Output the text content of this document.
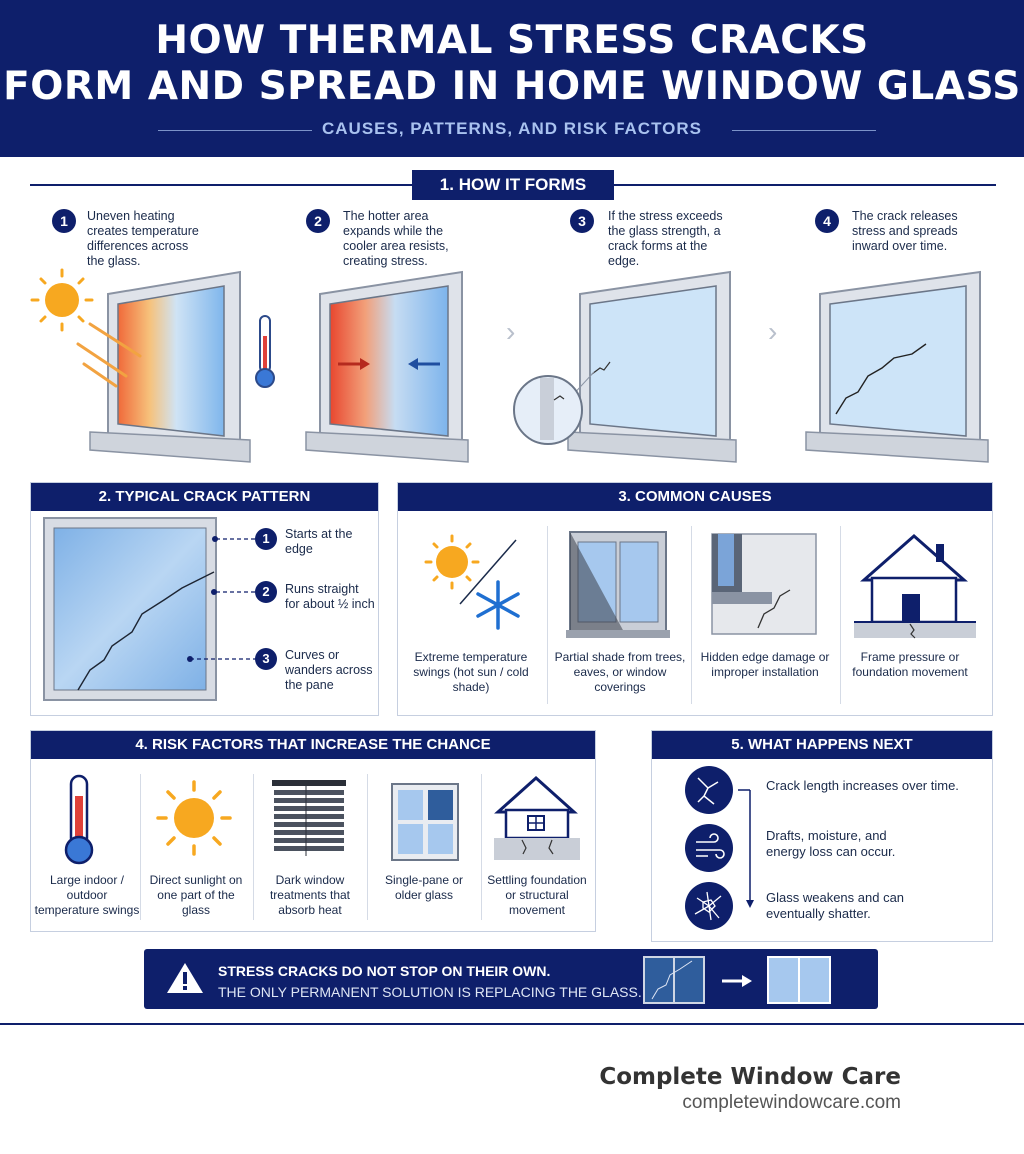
HOW THERMAL STRESS CRACKS
FORM AND SPREAD IN HOME WINDOW GLASS
CAUSES, PATTERNS, AND RISK FACTORS
1. HOW IT FORMS
1	Uneven heating creates temperature differences across the glass.
2	The hotter area expands while the cooler area resists, creating stress.
3	If the stress exceeds the glass strength, a crack forms at the edge.
4	The crack releases stress and spreads inward over time.
›	›
2. TYPICAL CRACK PATTERN
1	Starts at the edge
2	Runs straight for about ½ inch
3	Curves or wanders across the pane
3. COMMON CAUSES
Extreme temperature swings (hot sun / cold shade)
Partial shade from trees, eaves, or window coverings
Hidden edge damage or improper installation
Frame pressure or foundation movement
4. RISK FACTORS THAT INCREASE THE CHANCE
Large indoor / outdoor temperature swings
Direct sunlight on one part of the glass
Dark window treatments that absorb heat
Single-pane or older glass
Settling foundation or structural movement
5. WHAT HAPPENS NEXT
Crack length increases over time.
Drafts, moisture, and energy loss can occur.
Glass weakens and can eventually shatter.
STRESS CRACKS DO NOT STOP ON THEIR OWN.
THE ONLY PERMANENT SOLUTION IS REPLACING THE GLASS.
Complete Window Care
completewindowcare.com
